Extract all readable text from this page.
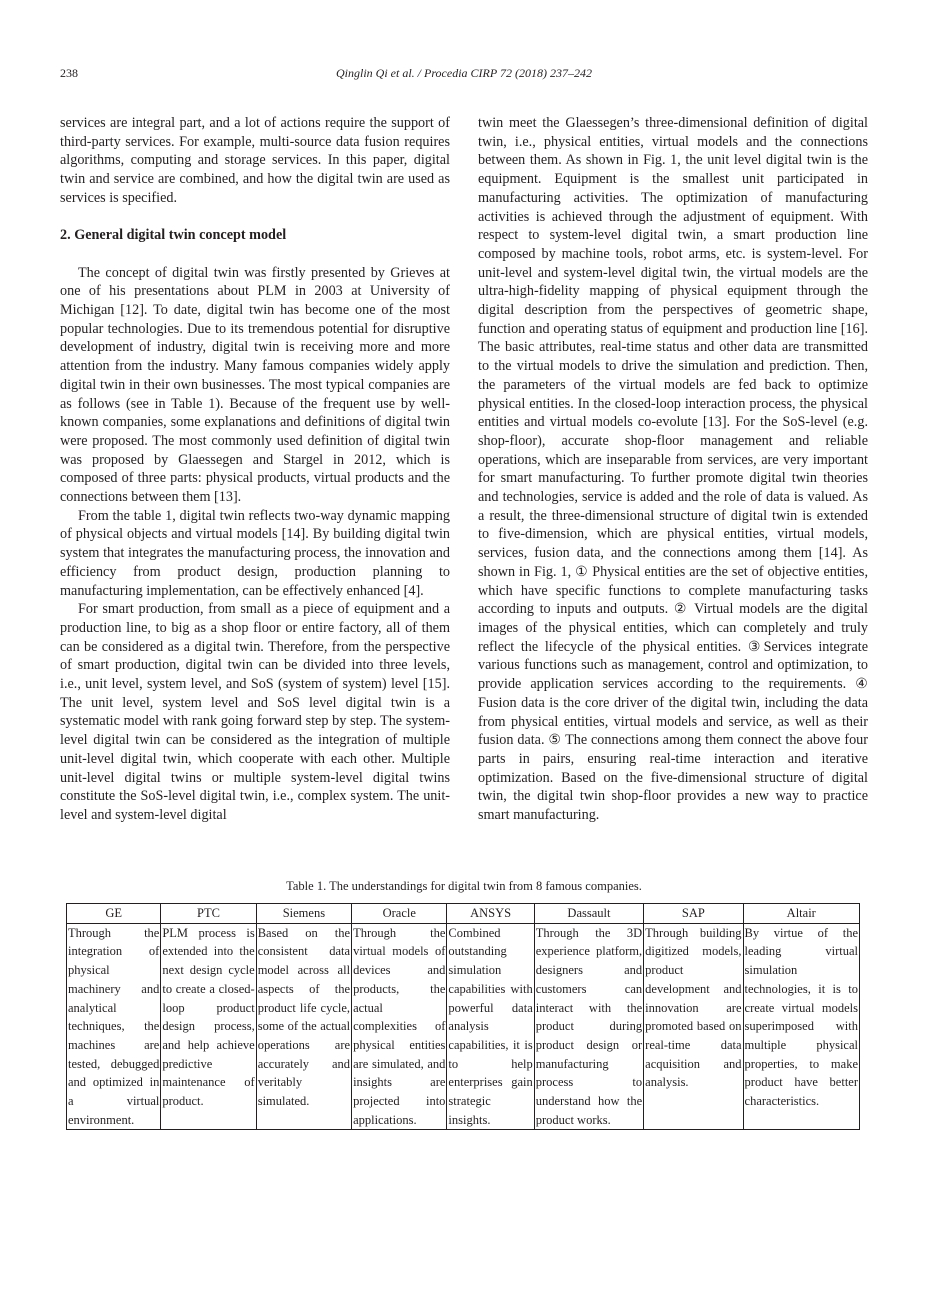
238	Qinglin Qi et al. / Procedia CIRP 72 (2018) 237–242

services are integral part, and a lot of actions require the support of third-party services. For example, multi-source data fusion requires algorithms, computing and storage services. In this paper, digital twin and service are combined, and how the digital twin are used as services is specified.

2. General digital twin concept model

The concept of digital twin was firstly presented by Grieves at one of his presentations about PLM in 2003 at University of Michigan [12]. To date, digital twin has become one of the most popular technologies. Due to its tremendous potential for disruptive development of industry, digital twin is receiving more and more attention from the industry. Many famous companies widely apply digital twin in their own businesses. The most typical companies are as follows (see in Table 1). Because of the frequent use by well-known companies, some explanations and definitions of digital twin were proposed. The most commonly used definition of digital twin was proposed by Glaessegen and Stargel in 2012, which is composed of three parts: physical products, virtual products and the connections between them [13].

From the table 1, digital twin reflects two-way dynamic mapping of physical objects and virtual models [14]. By building digital twin system that integrates the manufacturing process, the innovation and efficiency from product design, production planning to manufacturing implementation, can be effectively enhanced [4].

For smart production, from small as a piece of equipment and a production line, to big as a shop floor or entire factory, all of them can be considered as a digital twin. Therefore, from the perspective of smart production, digital twin can be divided into three levels, i.e., unit level, system level, and SoS (system of system) level [15]. The unit level, system level and SoS level digital twin is a systematic model with rank going forward step by step. The system-level digital twin can be considered as the integration of multiple unit-level digital twin, which cooperate with each other. Multiple unit-level digital twins or multiple system-level digital twins constitute the SoS-level digital twin, i.e., complex system. The unit-level and system-level digital

twin meet the Glaessegen’s three-dimensional definition of digital twin, i.e., physical entities, virtual models and the connections between them. As shown in Fig. 1, the unit level digital twin is the equipment. Equipment is the smallest unit participated in manufacturing activities. The optimization of manufacturing activities is achieved through the adjustment of equipment. With respect to system-level digital twin, a smart production line composed by machine tools, robot arms, etc. is system-level. For unit-level and system-level digital twin, the virtual models are the ultra-high-fidelity mapping of physical equipment through the digital description from the perspectives of geometric shape, function and operating status of equipment and production line [16]. The basic attributes, real-time status and other data are transmitted to the virtual models to drive the simulation and prediction. Then, the parameters of the virtual models are fed back to optimize physical entities. In the closed-loop interaction process, the physical entities and virtual models co-evolute [13]. For the SoS-level (e.g. shop-floor), accurate shop-floor management and reliable operations, which are inseparable from services, are very important for smart manufacturing. To further promote digital twin theories and technologies, service is added and the role of data is valued. As a result, the three-dimensional structure of digital twin is extended to five-dimension, which are physical entities, virtual models, services, fusion data, and the connections among them [14]. As shown in Fig. 1, ① Physical entities are the set of objective entities, which have specific functions to complete manufacturing tasks according to inputs and outputs. ② Virtual models are the digital images of the physical entities, which can completely and truly reflect the lifecycle of the physical entities. ③Services integrate various functions such as management, control and optimization, to provide application services according to the requirements. ④ Fusion data is the core driver of the digital twin, including the data from physical entities, virtual models and service, as well as their fusion data. ⑤ The connections among them connect the above four parts in pairs, ensuring real-time interaction and iterative optimization. Based on the five-dimensional structure of digital twin, the digital twin shop-floor provides a new way to practice smart manufacturing.

Table 1. The understandings for digital twin from 8 famous companies.
GE	PTC	Siemens	Oracle	ANSYS	Dassault	SAP	Altair
Through the integration of physical machinery and analytical techniques, the machines are tested, debugged and optimized in a virtual environment.	PLM process is extended into the next design cycle to create a closed-loop product design process, and help achieve predictive maintenance of product.	Based on the consistent data model across all aspects of the product life cycle, some of the actual operations are accurately and veritably simulated.	Through the virtual models of devices and products, the actual complexities of physical entities are simulated, and insights are projected into applications.	Combined outstanding simulation capabilities with powerful data analysis capabilities, it is to help enterprises gain strategic insights.	Through the 3D experience platform, designers and customers can interact with the product during product design or manufacturing process to understand how the product works.	Through building digitized models, product development and innovation are promoted based on real-time data acquisition and analysis.	By virtue of the leading virtual simulation technologies, it is to create virtual models superimposed with multiple physical properties, to make product have better characteristics.
